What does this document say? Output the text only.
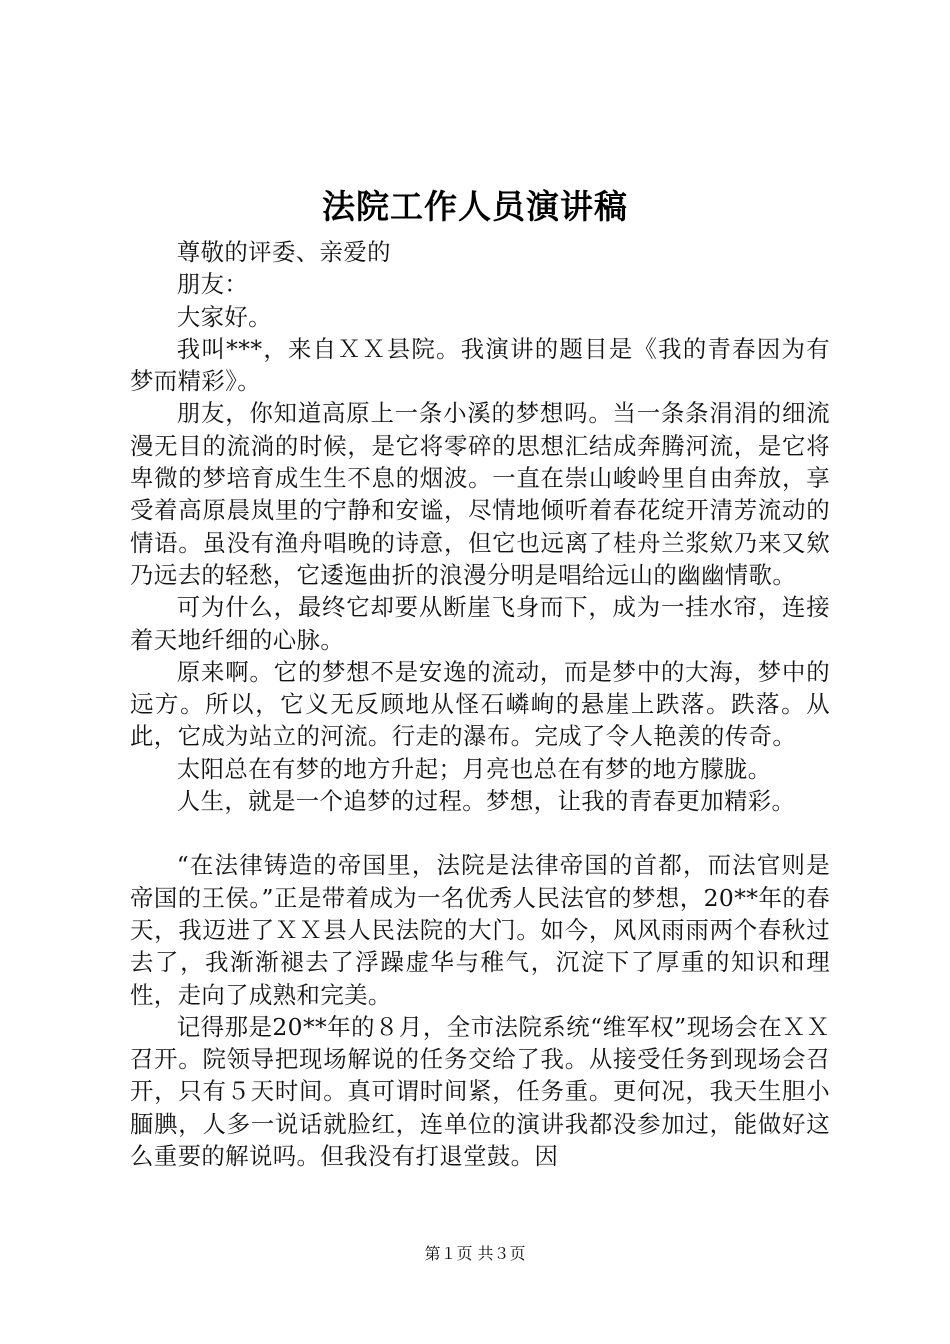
法院工作人员演讲稿

尊敬的评委、亲爱的

朋友：

大家好。

我叫***，来自ＸＸ县院。我演讲的题目是《我的青春因为有梦而精彩》。

朋友，你知道高原上一条小溪的梦想吗。当一条条涓涓的细流漫无目的流淌的时候，是它将零碎的思想汇结成奔腾河流，是它将卑微的梦培育成生生不息的烟波。一直在崇山峻岭里自由奔放，享受着高原晨岚里的宁静和安谧，尽情地倾听着春花绽开清芳流动的情语。虽没有渔舟唱晚的诗意，但它也远离了桂舟兰浆欸乃来又欸乃远去的轻愁，它逶迤曲折的浪漫分明是唱给远山的幽幽情歌。

可为什么，最终它却要从断崖飞身而下，成为一挂水帘，连接着天地纤细的心脉。

原来啊。它的梦想不是安逸的流动，而是梦中的大海，梦中的远方。所以，它义无反顾地从怪石嶙峋的悬崖上跌落。跌落。从此，它成为站立的河流。行走的瀑布。完成了令人艳羡的传奇。

太阳总在有梦的地方升起；月亮也总在有梦的地方朦胧。

人生，就是一个追梦的过程。梦想，让我的青春更加精彩。

“在法律铸造的帝国里，法院是法律帝国的首都，而法官则是帝国的王侯。”正是带着成为一名优秀人民法官的梦想，20**年的春天，我迈进了ＸＸ县人民法院的大门。如今，风风雨雨两个春秋过去了，我渐渐褪去了浮躁虚华与稚气，沉淀下了厚重的知识和理性，走向了成熟和完美。

记得那是20**年的８月，全市法院系统“维军权”现场会在ＸＸ召开。院领导把现场解说的任务交给了我。从接受任务到现场会召开，只有５天时间。真可谓时间紧，任务重。更何况，我天生胆小腼腆，人多一说话就脸红，连单位的演讲我都没参加过，能做好这么重要的解说吗。但我没有打退堂鼓。因

第１页 共３页
